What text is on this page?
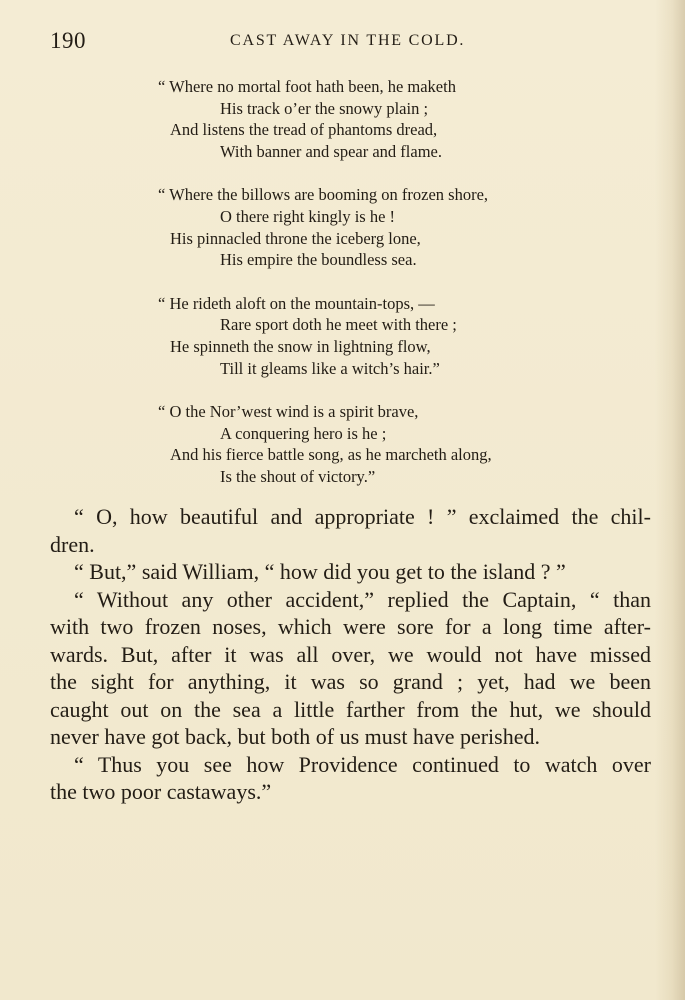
190	CAST AWAY IN THE COLD.
“ Where no mortal foot hath been, he maketh
His track o’er the snowy plain ;
And listens the tread of phantoms dread,
With banner and spear and flame.
“ Where the billows are booming on frozen shore,
O there right kingly is he !
His pinnacled throne the iceberg lone,
His empire the boundless sea.
“ He rideth aloft on the mountain-tops, —
Rare sport doth he meet with there ;
He spinneth the snow in lightning flow,
Till it gleams like a witch’s hair.”
“ O the Nor’west wind is a spirit brave,
A conquering hero is he ;
And his fierce battle song, as he marcheth along,
Is the shout of victory.”
“ O, how beautiful and appropriate ! ” exclaimed the chil-
dren.
“ But,” said William, “ how did you get to the island ? ”
“ Without any other accident,” replied the Captain, “ than
with two frozen noses, which were sore for a long time after-
wards. But, after it was all over, we would not have missed
the sight for anything, it was so grand ; yet, had we been
caught out on the sea a little farther from the hut, we should
never have got back, but both of us must have perished.
“ Thus you see how Providence continued to watch over
the two poor castaways.”
